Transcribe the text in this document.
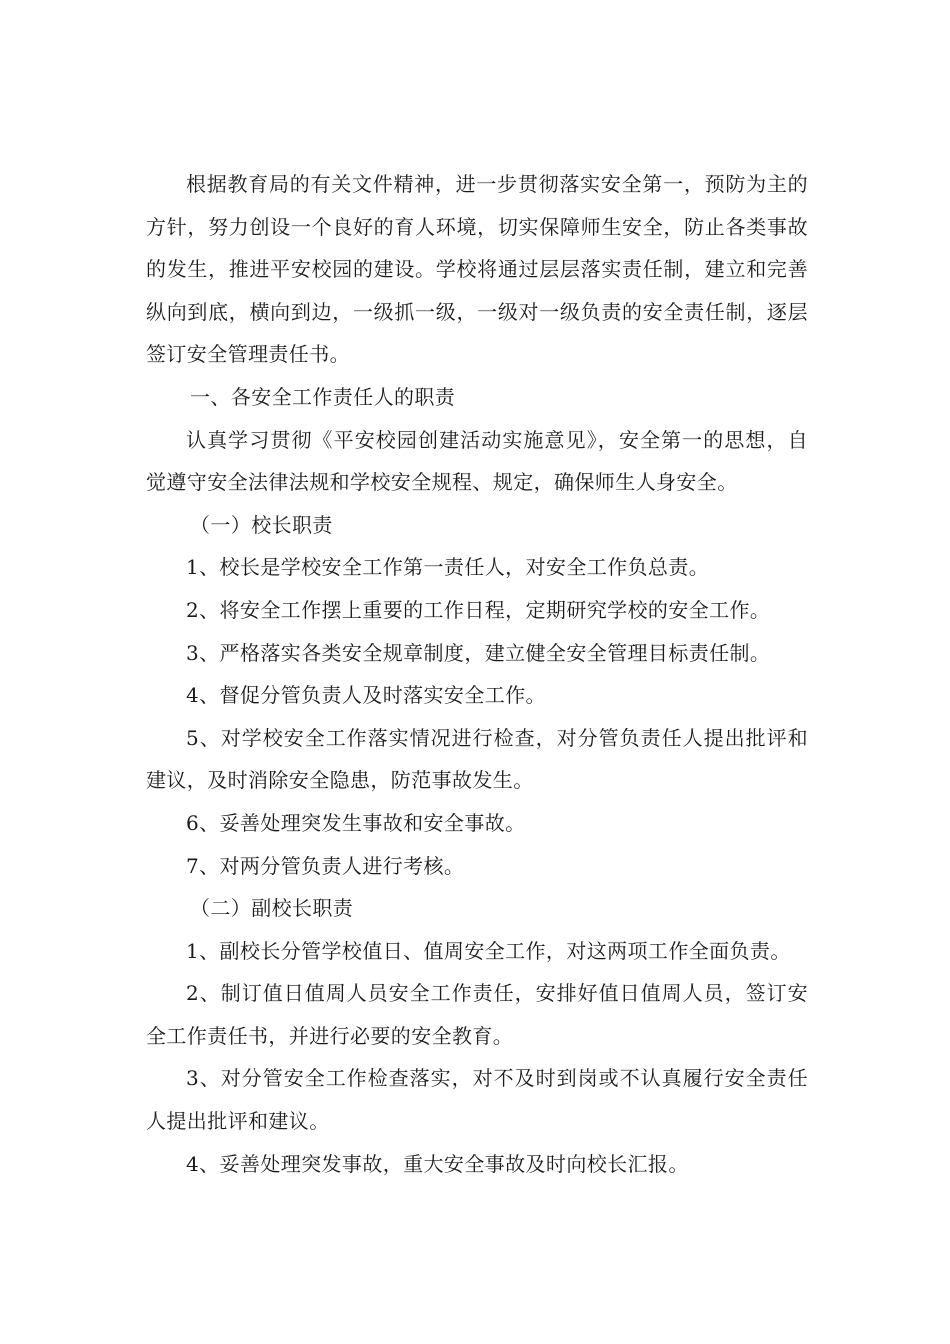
根据教育局的有关文件精神，进一步贯彻落实安全第一，预防为主的方针，努力创设一个良好的育人环境，切实保障师生安全，防止各类事故的发生，推进平安校园的建设。学校将通过层层落实责任制，建立和完善纵向到底，横向到边，一级抓一级，一级对一级负责的安全责任制，逐层签订安全管理责任书。

一、各安全工作责任人的职责

认真学习贯彻《平安校园创建活动实施意见》，安全第一的思想，自觉遵守安全法律法规和学校安全规程、规定，确保师生人身安全。

（一）校长职责

1、校长是学校安全工作第一责任人，对安全工作负总责。

2、将安全工作摆上重要的工作日程，定期研究学校的安全工作。

3、严格落实各类安全规章制度，建立健全安全管理目标责任制。

4、督促分管负责人及时落实安全工作。

5、对学校安全工作落实情况进行检查，对分管负责任人提出批评和建议，及时消除安全隐患，防范事故发生。

6、妥善处理突发生事故和安全事故。

7、对两分管负责人进行考核。

（二）副校长职责

1、副校长分管学校值日、值周安全工作，对这两项工作全面负责。

2、制订值日值周人员安全工作责任，安排好值日值周人员，签订安全工作责任书，并进行必要的安全教育。

3、对分管安全工作检查落实，对不及时到岗或不认真履行安全责任人提出批评和建议。

4、妥善处理突发事故，重大安全事故及时向校长汇报。
